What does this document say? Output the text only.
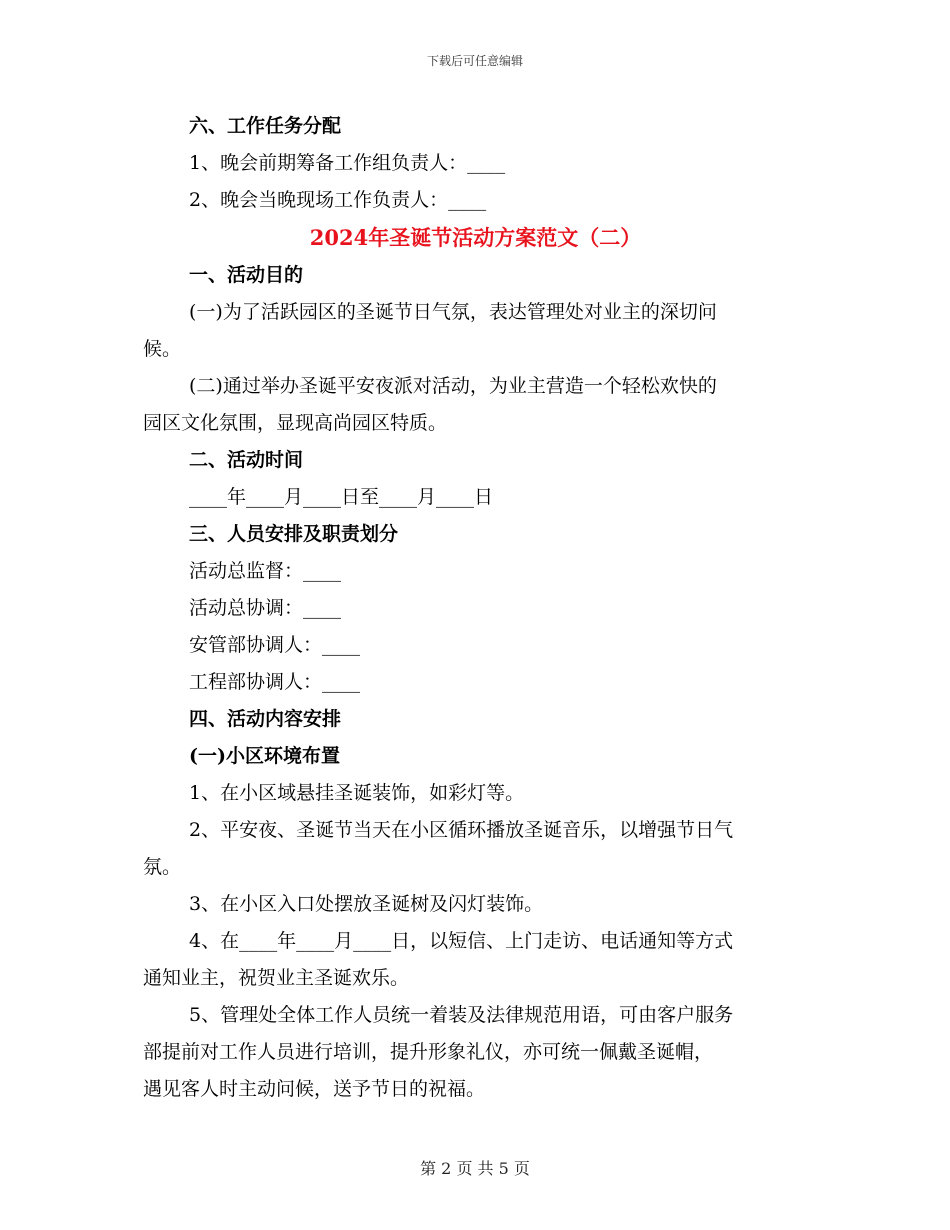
下载后可任意编辑
六、工作任务分配
1、晚会前期筹备工作组负责人：____
2、晚会当晚现场工作负责人：____
2024年圣诞节活动方案范文（二）
一、活动目的
(一)为了活跃园区的圣诞节日气氛，表达管理处对业主的深切问
候。
(二)通过举办圣诞平安夜派对活动，为业主营造一个轻松欢快的
园区文化氛围，显现高尚园区特质。
二、活动时间
____年____月____日至____月____日
三、人员安排及职责划分
活动总监督：____
活动总协调：____
安管部协调人：____
工程部协调人：____
四、活动内容安排
(一)小区环境布置
1、在小区域悬挂圣诞装饰，如彩灯等。
2、平安夜、圣诞节当天在小区循环播放圣诞音乐，以增强节日气
氛。
3、在小区入口处摆放圣诞树及闪灯装饰。
4、在____年____月____日，以短信、上门走访、电话通知等方式
通知业主，祝贺业主圣诞欢乐。
5、管理处全体工作人员统一着装及法律规范用语，可由客户服务
部提前对工作人员进行培训，提升形象礼仪，亦可统一佩戴圣诞帽，
遇见客人时主动问候，送予节日的祝福。
第 2 页 共 5 页
